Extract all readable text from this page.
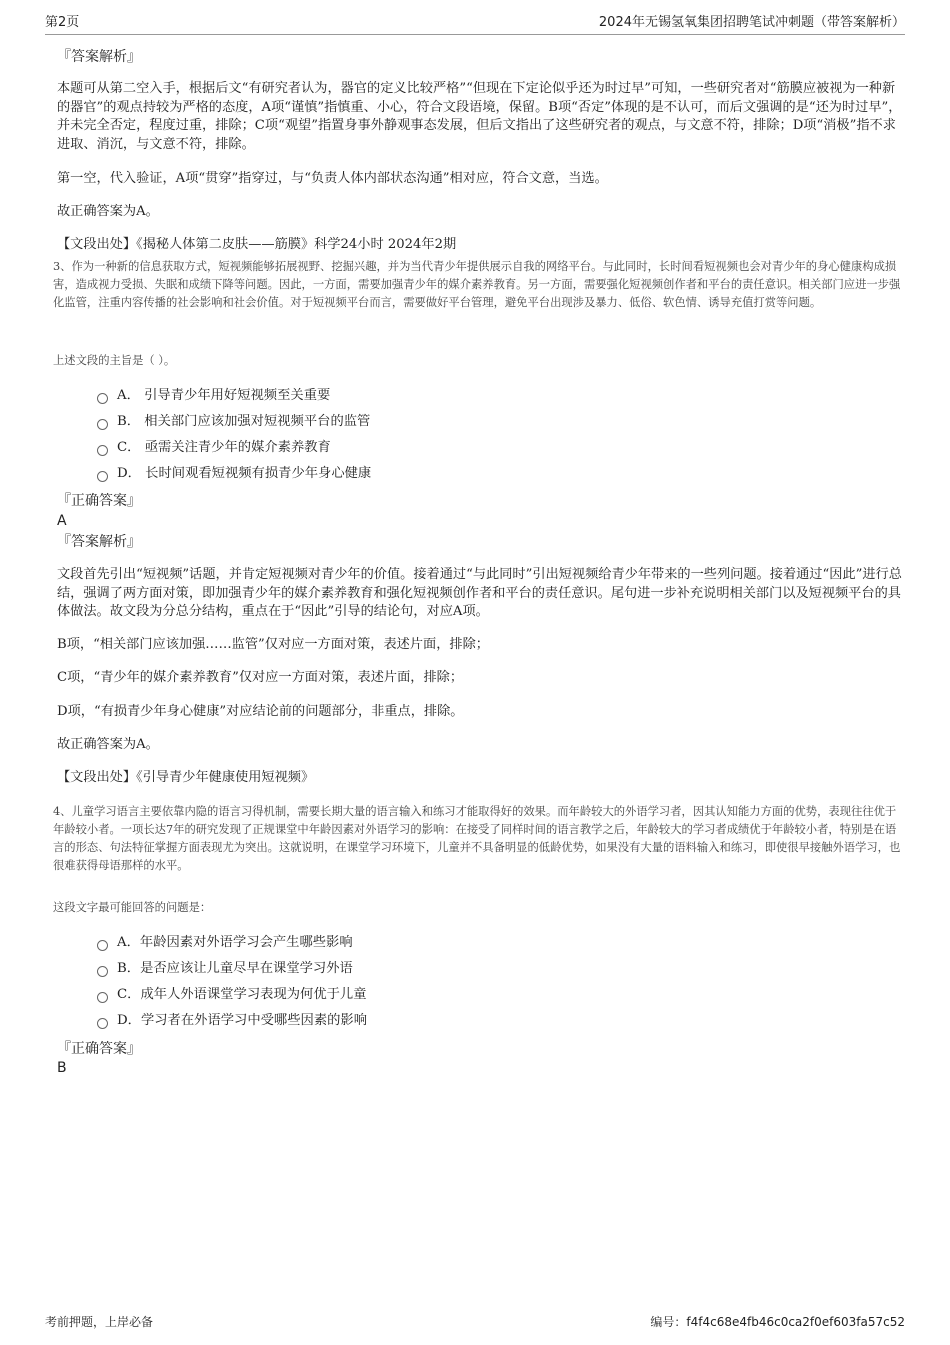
第2页	2024年无锡氢氧集团招聘笔试冲刺题（带答案解析）
『答案解析』
本题可从第二空入手，根据后文“有研究者认为，器官的定义比较严格”“但现在下定论似乎还为时过早”可知，一些研究者对“筋膜应被视为一种新的器官”的观点持较为严格的态度，A项“谨慎”指慎重、小心，符合文段语境，保留。B项“否定”体现的是不认可，而后文强调的是“还为时过早”，并未完全否定，程度过重，排除；C项“观望”指置身事外静观事态发展，但后文指出了这些研究者的观点，与文意不符，排除；D项“消极”指不求进取、消沉，与文意不符，排除。
第一空，代入验证，A项“贯穿”指穿过，与“负责人体内部状态沟通”相对应，符合文意，当选。
故正确答案为A。
【文段出处】《揭秘人体第二皮肤——筋膜》科学24小时 2024年2期
3、作为一种新的信息获取方式，短视频能够拓展视野、挖掘兴趣，并为当代青少年提供展示自我的网络平台。与此同时，长时间看短视频也会对青少年的身心健康构成损害，造成视力受损、失眠和成绩下降等问题。因此，一方面，需要加强青少年的媒介素养教育。另一方面，需要强化短视频创作者和平台的责任意识。相关部门应进一步强化监管，注重内容传播的社会影响和社会价值。对于短视频平台而言，需要做好平台管理，避免平台出现涉及暴力、低俗、软色情、诱导充值打赏等问题。
上述文段的主旨是（ ）。
A． 引导青少年用好短视频至关重要
B． 相关部门应该加强对短视频平台的监管
C． 亟需关注青少年的媒介素养教育
D． 长时间观看短视频有损青少年身心健康
『正确答案』
A
『答案解析』
文段首先引出“短视频”话题，并肯定短视频对青少年的价值。接着通过“与此同时”引出短视频给青少年带来的一些列问题。接着通过“因此”进行总结，强调了两方面对策，即加强青少年的媒介素养教育和强化短视频创作者和平台的责任意识。尾句进一步补充说明相关部门以及短视频平台的具体做法。故文段为分总分结构，重点在于“因此”引导的结论句，对应A项。
B项，“相关部门应该加强……监管”仅对应一方面对策，表述片面，排除；
C项，“青少年的媒介素养教育”仅对应一方面对策，表述片面，排除；
D项，“有损青少年身心健康”对应结论前的问题部分，非重点，排除。
故正确答案为A。
【文段出处】《引导青少年健康使用短视频》
4、儿童学习语言主要依靠内隐的语言习得机制，需要长期大量的语言输入和练习才能取得好的效果。而年龄较大的外语学习者，因其认知能力方面的优势，表现往往优于年龄较小者。一项长达7年的研究发现了正规课堂中年龄因素对外语学习的影响：在接受了同样时间的语言教学之后，年龄较大的学习者成绩优于年龄较小者，特别是在语言的形态、句法特征掌握方面表现尤为突出。这就说明，在课堂学习环境下，儿童并不具备明显的低龄优势，如果没有大量的语料输入和练习，即使很早接触外语学习，也很难获得母语那样的水平。
这段文字最可能回答的问题是：
A．年龄因素对外语学习会产生哪些影响
B．是否应该让儿童尽早在课堂学习外语
C．成年人外语课堂学习表现为何优于儿童
D．学习者在外语学习中受哪些因素的影响
『正确答案』
B
考前押题，上岸必备	编号：f4f4c68e4fb46c0ca2f0ef603fa57c52
